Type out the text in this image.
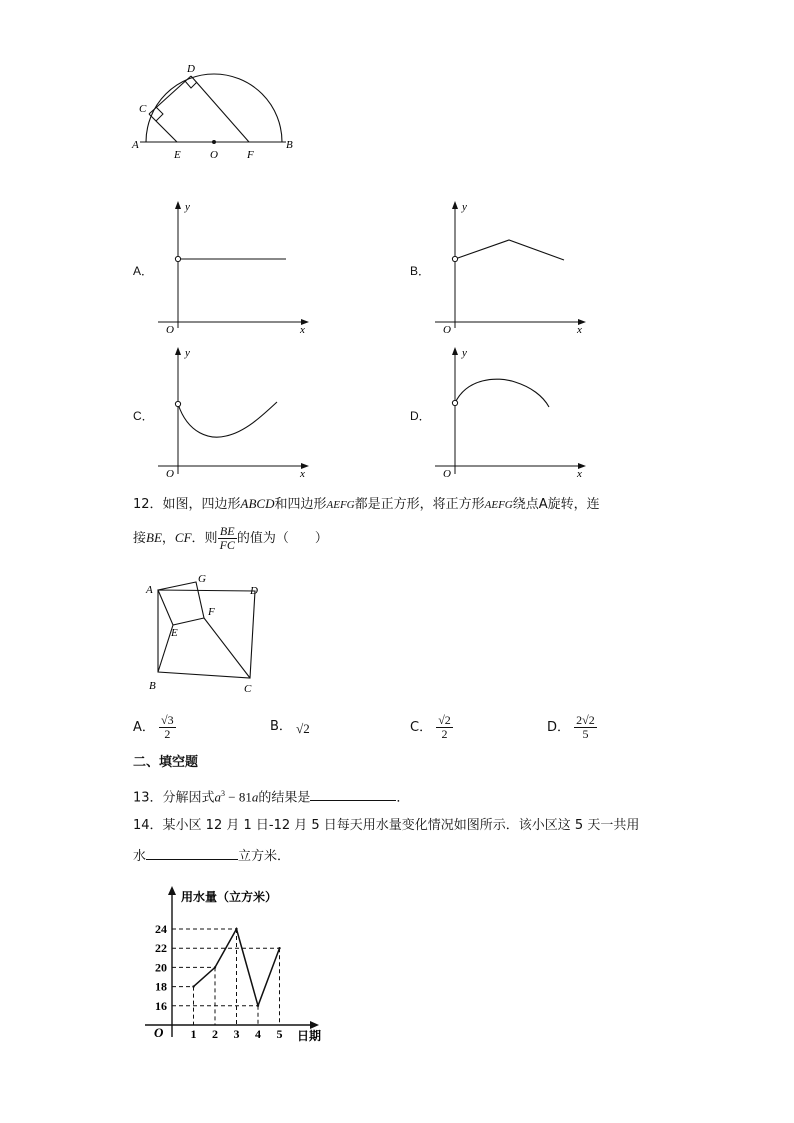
A	B
C
D
E	O	F
A．
y
x
O
B．
y
x
O
C．
y
x
O
D．
y
x
O
12．如图，四边形ABCD和四边形AEFG都是正方形，将正方形AEFG绕点A旋转，连
接BE，CF．则 $\frac{BE}{FC}$ 的值为（　　）
A
G
D
F
E
B	C
A． $\frac{√3}{2}$	B． √2	C． $\frac{√2}{2}$	D． $\frac{2√2}{5}$
二、填空题
13．分解因式$a^3 - 81a$的结果是	．
14．某小区 12 月 1 日-12 月 5 日每天用水量变化情况如图所示．该小区这 5 天一共用
水	立方米．
16
18
20
22
24
1 2 3 4 5
用水量（立方米）
日期
O
